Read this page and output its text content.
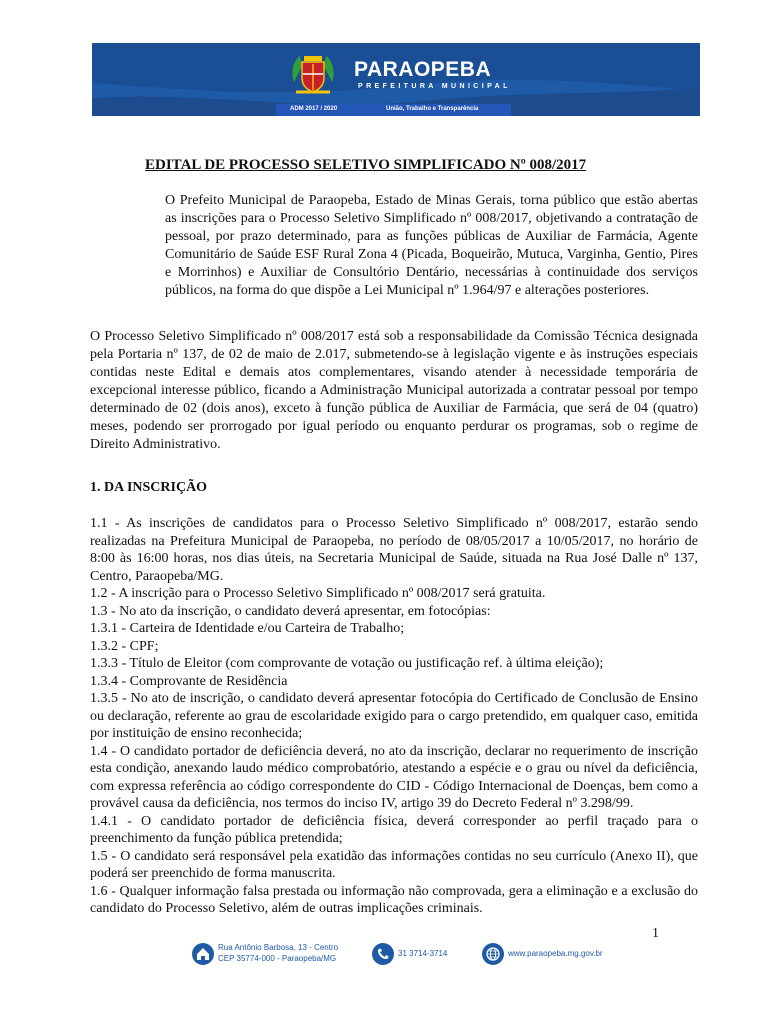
PARAOPEBA
PREFEITURA MUNICIPAL
ADM 2017 / 2020	União, Trabalho e Transparência
EDITAL DE PROCESSO SELETIVO SIMPLIFICADO Nº 008/2017

O Prefeito Municipal de Paraopeba, Estado de Minas Gerais, torna público que estão abertas as inscrições para o Processo Seletivo Simplificado nº 008/2017, objetivando a contratação de pessoal, por prazo determinado, para as funções públicas de Auxiliar de Farmácia, Agente Comunitário de Saúde ESF Rural Zona 4 (Picada, Boqueirão, Mutuca, Varginha, Gentio, Pires e Morrinhos) e Auxiliar de Consultório Dentário, necessárias à continuidade dos serviços públicos, na forma do que dispõe a Lei Municipal nº 1.964/97 e alterações posteriores.

O Processo Seletivo Simplificado nº 008/2017 está sob a responsabilidade da Comissão Técnica designada pela Portaria nº 137, de 02 de maio de 2.017, submetendo-se à legislação vigente e às instruções especiais contidas neste Edital e demais atos complementares, visando atender à necessidade temporária de excepcional interesse público, ficando a Administração Municipal autorizada a contratar pessoal por tempo determinado de 02 (dois anos), exceto à função pública de Auxiliar de Farmácia, que será de 04 (quatro) meses, podendo ser prorrogado por igual período ou enquanto perdurar os programas, sob o regime de Direito Administrativo.

1. DA INSCRIÇÃO

1.1 - As inscrições de candidatos para o Processo Seletivo Simplificado nº 008/2017, estarão sendo realizadas na Prefeitura Municipal de Paraopeba, no período de 08/05/2017 a 10/05/2017, no horário de 8:00 às 16:00 horas, nos dias úteis, na Secretaria Municipal de Saúde, situada na Rua José Dalle nº 137, Centro, Paraopeba/MG.

1.2 - A inscrição para o Processo Seletivo Simplificado nº 008/2017 será gratuita.

1.3 - No ato da inscrição, o candidato deverá apresentar, em fotocópias:

1.3.1 - Carteira de Identidade e/ou Carteira de Trabalho;

1.3.2 - CPF;

1.3.3 - Título de Eleitor (com comprovante de votação ou justificação ref. à última eleição);

1.3.4 - Comprovante de Residência

1.3.5 - No ato de inscrição, o candidato deverá apresentar fotocópia do Certificado de Conclusão de Ensino ou declaração, referente ao grau de escolaridade exigido para o cargo pretendido, em qualquer caso, emitida por instituição de ensino reconhecida;

1.4 - O candidato portador de deficiência deverá, no ato da inscrição, declarar no requerimento de inscrição esta condição, anexando laudo médico comprobatório, atestando a espécie e o grau ou nível da deficiência, com expressa referência ao código correspondente do CID - Código Internacional de Doenças, bem como a provável causa da deficiência, nos termos do inciso IV, artigo 39 do Decreto Federal nº 3.298/99.

1.4.1 - O candidato portador de deficiência física, deverá corresponder ao perfil traçado para o preenchimento da função pública pretendida;

1.5 - O candidato será responsável pela exatidão das informações contidas no seu currículo (Anexo II), que poderá ser preenchido de forma manuscrita.

1.6 - Qualquer informação falsa prestada ou informação não comprovada, gera a eliminação e a exclusão do candidato do Processo Seletivo, além de outras implicações criminais.

1
Rua Antônio Barbosa, 13 - Centro
CEP 35774-000 - Paraopeba/MG
31 3714-3714	www.paraopeba.mg.gov.br
